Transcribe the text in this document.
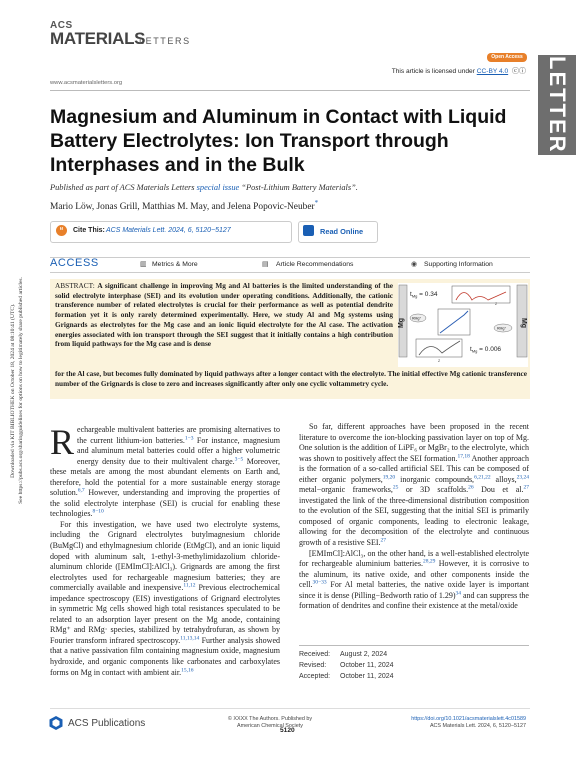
ACS
MATERIALS
LETTERS
Open Access
This article is licensed under CC-BY 4.0 ⓒⓘ
www.acsmaterialsletters.org	LETTER
Downloaded via KIT BIBLIOTHEK on October 18, 2024 at 08:10:41 (UTC). See https://pubs.acs.org/sharingguidelines for options on how to legitimately share published articles.
Magnesium and Aluminum in Contact with Liquid Battery Electrolytes: Ion Transport through Interphases and in the Bulk
Published as part of ACS Materials Letters special issue “Post-Lithium Battery Materials”.
Mario Löw, Jonas Grill, Matthias M. May, and Jelena Popovic-Neuber*
“	Cite This: ACS Materials Lett. 2024, 6, 5120−5127	Read Online
ACCESS	▥ Metrics & More	▤ Article Recommendations	◉ Supporting Information
ABSTRACT: A significant challenge in improving Mg and Al batteries is the limited understanding of the solid electrolyte interphase (SEI) and its evolution under operating conditions. Additionally, the cationic transference number of related electrolytes is crucial for their performance as well as potential dendrite formation yet it is only rarely determined experimentally. Here, we study Al and Mg systems using Grignards as electrolytes for the Mg case and an ionic liquid electrolyte for the Al case. The activation energies associated with ion transport through the SEI suggest that it initially contains a high contribution from liquid pathways for the Mg case and is dense
for the Al case, but becomes fully dominated by liquid pathways after a longer contact with the electrolyte. The initial effective Mg cationic transference number of the Grignards is close to zero and increases significantly after only one cyclic voltammetry cycle.
Mg	Mg
$t_{Mg} = 0.34$
Z
RMg⁺
RMg⁺
Z
$t_{Mg} = 0.006$

Rechargeable multivalent batteries are promising alternatives to the current lithium-ion batteries.$^{1-3}$ For instance, magnesium and aluminum metal batteries could offer a higher volumetric energy density due to their multivalent charge.$^{3-5}$ Moreover, these metals are among the most abundant elements on Earth and, therefore, hold the potential for a more sustainable energy storage solution.$^{6,7}$ However, understanding and improving the properties of the solid electrolyte interphase (SEI) is crucial for enabling these technologies.$^{8-10}$

For this investigation, we have used two electrolyte systems, including the Grignard electrolytes butylmagnesium chloride (BuMgCl) and ethylmagnesium chloride (EtMgCl), and an ionic liquid doped with aluminum salt, 1-ethyl-3-methylimidazolium chloride-aluminum chloride ([EMImCl]:AlCl₃). Grignards are among the first electrolytes used for rechargeable magnesium batteries; they are commercially available and inexpensive.$^{11,12}$ Previous electrochemical impedance spectroscopy (EIS) investigations of Grignard electrolytes in symmetric Mg cells showed high total resistances speculated to be related to an adsorption layer present on the Mg anode, containing RMg⁺ and RMg· species, stabilized by tetrahydrofuran, as shown by Fourier transform infrared spectroscopy.$^{11,13,14}$ Further analysis showed that a native passivation film containing magnesium oxide, magnesium hydroxide, and organic components like carbonates and carboxylates forms on Mg in contact with ambient air.$^{15,16}$

So far, different approaches have been proposed in the recent literature to overcome the ion-blocking passivation layer on top of Mg. One solution is the addition of LiPF₆ or MgBr₂ to the electrolyte, which was shown to positively affect the SEI formation.$^{17,18}$ Another approach is the formation of a so-called artificial SEI. This can be composed of either organic polymers,$^{19,20}$ inorganic compounds,$^{6,21,22}$ alloys,$^{23,24}$ metal−organic frameworks,$^{25}$ or 3D scaffolds.$^{26}$ Dou et al.$^{27}$ investigated the link of the three-dimensional distribution composition to the evolution of the SEI, suggesting that the initial SEI is primarily composed of organic components, leading to electronic leakage, allowing for the decomposition of the electrolyte and continuous growth of a resistive SEI.$^{27}$

[EMImCl]:AlCl₃, on the other hand, is a well-established electrolyte for rechargeable aluminium batteries.$^{28,29}$ However, it is corrosive to the aluminum, its native oxide, and other components inside the cell.$^{30-33}$ For Al metal batteries, the native oxide layer is important since it is dense (Pilling−Bedworth ratio of 1.29)$^{34}$ and can suppress the formation of dendrites and confine their existence at the metal/oxide

Received: August 2, 2024
Revised: October 11, 2024
Accepted: October 11, 2024
ACS Publications	© XXXX The Authors. Published by
American Chemical Society
5120
https://doi.org/10.1021/acsmaterialslett.4c01589
ACS Materials Lett. 2024, 6, 5120−5127
